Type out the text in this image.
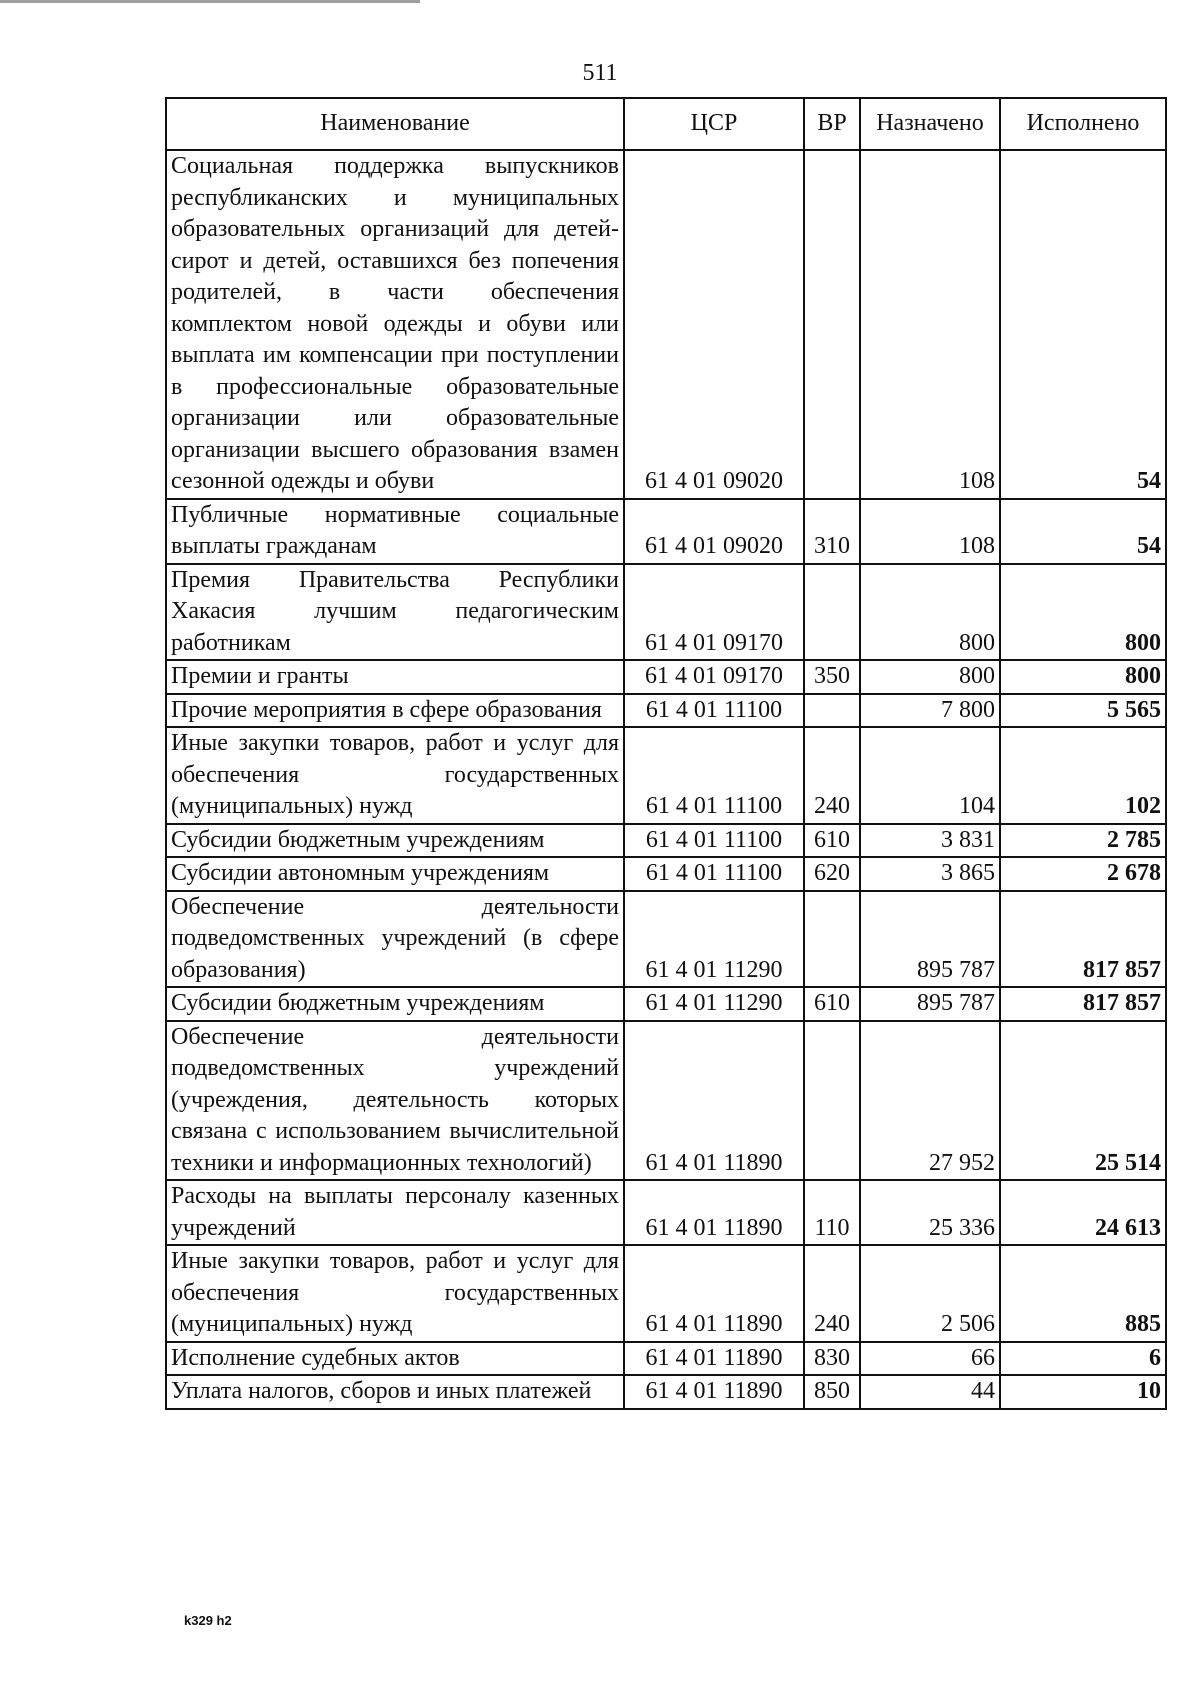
511
Наименование	ЦСР	ВР	Назначено	Исполнено
Социальная поддержка выпускников республиканских и муниципальных образовательных организаций для детей-сирот и детей, оставшихся без попечения родителей, в части обеспечения комплектом новой одежды и обуви или выплата им компенсации при поступлении в профессиональные образовательные организации или образовательные организации высшего образования взамен сезонной одежды и обуви	61 4 01 09020		108	54
Публичные нормативные социальные выплаты гражданам	61 4 01 09020	310	108	54
Премия Правительства Республики Хакасия лучшим педагогическим работникам	61 4 01 09170		800	800
Премии и гранты	61 4 01 09170	350	800	800
Прочие мероприятия в сфере образования	61 4 01 11100		7 800	5 565
Иные закупки товаров, работ и услуг для обеспечения государственных (муниципальных) нужд	61 4 01 11100	240	104	102
Субсидии бюджетным учреждениям	61 4 01 11100	610	3 831	2 785
Субсидии автономным учреждениям	61 4 01 11100	620	3 865	2 678
Обеспечение деятельности подведомственных учреждений (в сфере образования)	61 4 01 11290		895 787	817 857
Субсидии бюджетным учреждениям	61 4 01 11290	610	895 787	817 857
Обеспечение деятельности подведомственных учреждений (учреждения, деятельность которых связана с использованием вычислительной техники и информационных технологий)	61 4 01 11890		27 952	25 514
Расходы на выплаты персоналу казенных учреждений	61 4 01 11890	110	25 336	24 613
Иные закупки товаров, работ и услуг для обеспечения государственных (муниципальных) нужд	61 4 01 11890	240	2 506	885
Исполнение судебных актов	61 4 01 11890	830	66	6
Уплата налогов, сборов и иных платежей	61 4 01 11890	850	44	10
k329 h2
